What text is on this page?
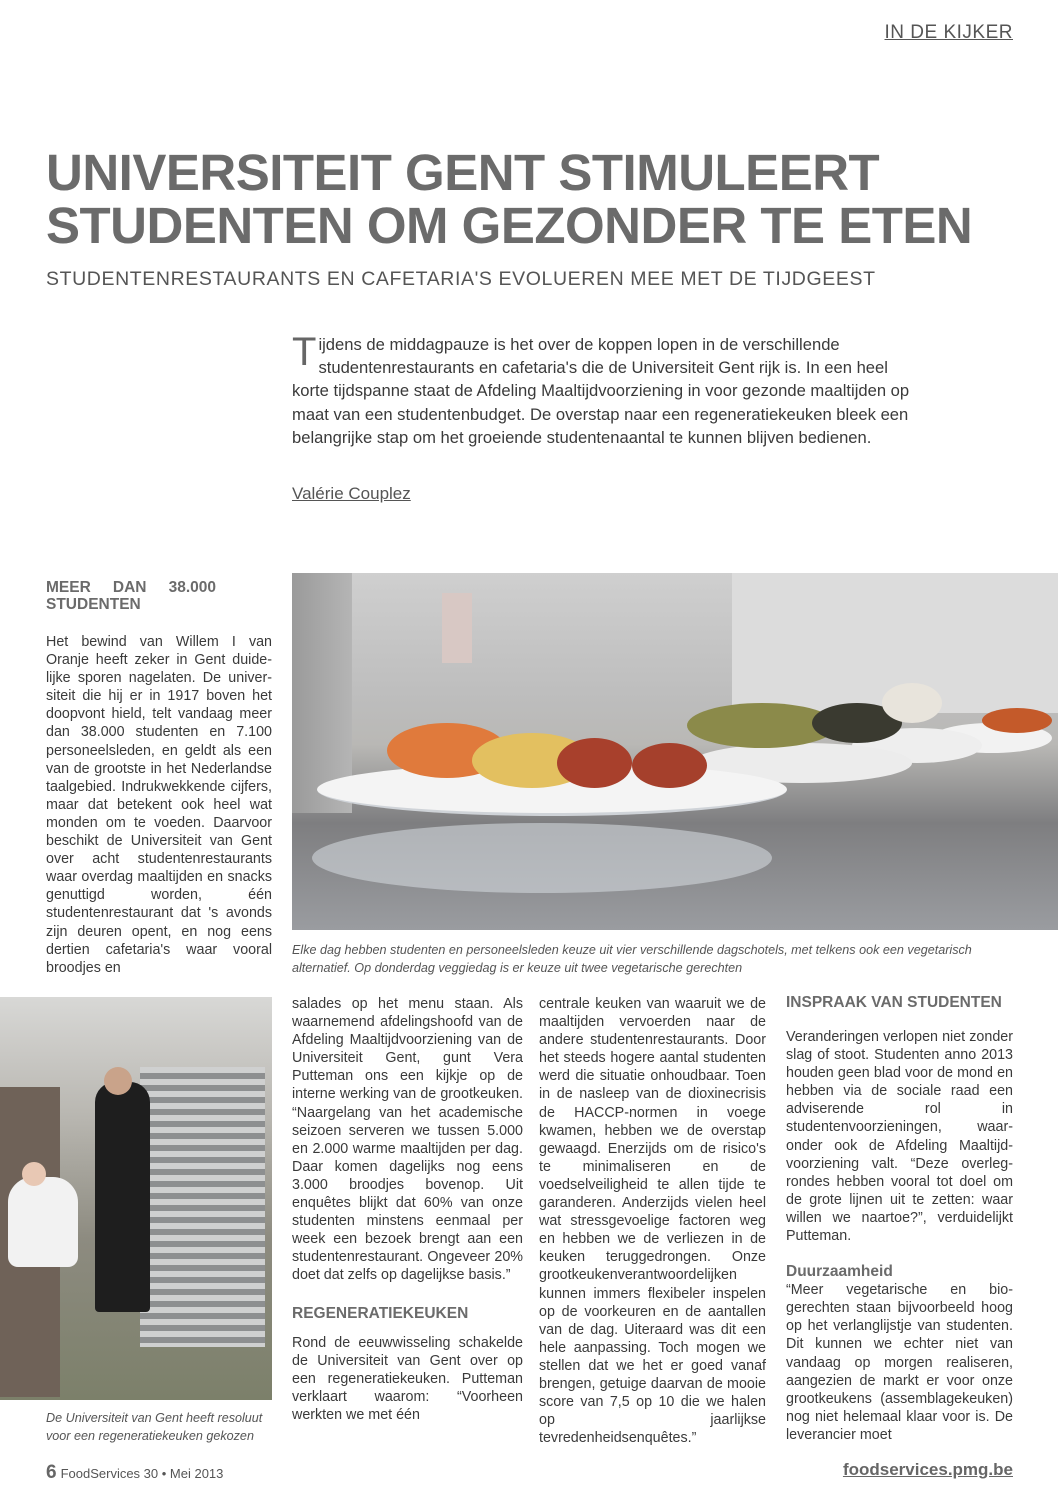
IN DE KIJKER
UNIVERSITEIT GENT STIMULEERT STUDENTEN OM GEZONDER TE ETEN
STUDENTENRESTAURANTS EN CAFETARIA'S EVOLUEREN MEE MET DE TIJDGEEST

Tijdens de middagpauze is het over de koppen lopen in de verschillende studentenrestaurants en cafetaria's die de Universiteit Gent rijk is. In een heel korte tijdspanne staat de Afdeling Maaltijdvoorziening in voor gezonde maaltijden op maat van een studentenbudget. De overstap naar een regeneratiekeuken bleek een belangrijke stap om het groeiende studentenaantal te kunnen blijven bedienen.

Valérie Couplez
MEER DAN 38.000 STUDENTEN

Het bewind van Willem I van Oranje heeft zeker in Gent duidelijke sporen nagelaten. De universiteit die hij er in 1917 boven het doopvont hield, telt vandaag meer dan 38.000 studenten en 7.100 personeelsleden, en geldt als een van de grootste in het Nederlandse taalgebied. Indrukwekkende cijfers, maar dat betekent ook heel wat monden om te voeden. Daarvoor beschikt de Universiteit van Gent over acht studentenrestaurants waar overdag maaltijden en snacks genuttigd worden, één studentenrestaurant dat 's avonds zijn deuren opent, en nog eens dertien cafetaria's waar vooral broodjes en

Elke dag hebben studenten en personeelsleden keuze uit vier verschillende dagschotels, met telkens ook een vegetarisch alternatief. Op donderdag veggiedag is er keuze uit twee vegetarische gerechten
De Universiteit van Gent heeft resoluut voor een regeneratiekeuken gekozen

salades op het menu staan. Als waarnemend afdelingshoofd van de Afdeling Maaltijdvoorziening van de Universiteit Gent, gunt Vera Putteman ons een kijkje op de interne werking van de grootkeuken. “Naargelang van het academische seizoen serveren we tussen 5.000 en 2.000 warme maaltijden per dag. Daar komen dagelijks nog eens 3.000 broodjes bovenop. Uit enquêtes blijkt dat 60% van onze studenten minstens eenmaal per week een bezoek brengt aan een studentenrestaurant. Ongeveer 20% doet dat zelfs op dagelijkse basis.”

REGENERATIEKEUKEN

Rond de eeuwwisseling schakelde de Universiteit van Gent over op een regeneratiekeuken. Putteman verklaart waarom: “Voorheen werkten we met één

centrale keuken van waaruit we de maaltijden vervoerden naar de andere studentenrestaurants. Door het steeds hogere aantal studenten werd die situatie onhoudbaar. Toen in de nasleep van de dioxinecrisis de HACCP-normen in voege kwamen, hebben we de overstap gewaagd. Enerzijds om de risico's te minimaliseren en de voedselveiligheid te allen tijde te garanderen. Anderzijds vielen heel wat stressgevoelige factoren weg en hebben we de verliezen in de keuken teruggedrongen. Onze grootkeukenverantwoordelijken kunnen immers flexibeler inspelen op de voorkeuren en de aantallen van de dag. Uiteraard was dit een hele aanpassing. Toch mogen we stellen dat we het er goed vanaf brengen, getuige daarvan de mooie score van 7,5 op 10 die we halen op jaarlijkse tevredenheidsenquêtes.”

INSPRAAK VAN STUDENTEN

Veranderingen verlopen niet zonder slag of stoot. Studenten anno 2013 houden geen blad voor de mond en hebben via de sociale raad een adviserende rol in studentenvoorzieningen, waaronder ook de Afdeling Maaltijdvoorziening valt. “Deze overlegrondes hebben vooral tot doel om de grote lijnen uit te zetten: waar willen we naartoe?”, verduidelijkt Putteman.

Duurzaamheid

“Meer vegetarische en biogerechten staan bijvoorbeeld hoog op het verlanglijstje van studenten. Dit kunnen we echter niet van vandaag op morgen realiseren, aangezien de markt er voor onze grootkeukens (assemblagekeuken) nog niet helemaal klaar voor is. De leverancier moet

6 FoodServices 30 • Mei 2013	foodservices.pmg.be
